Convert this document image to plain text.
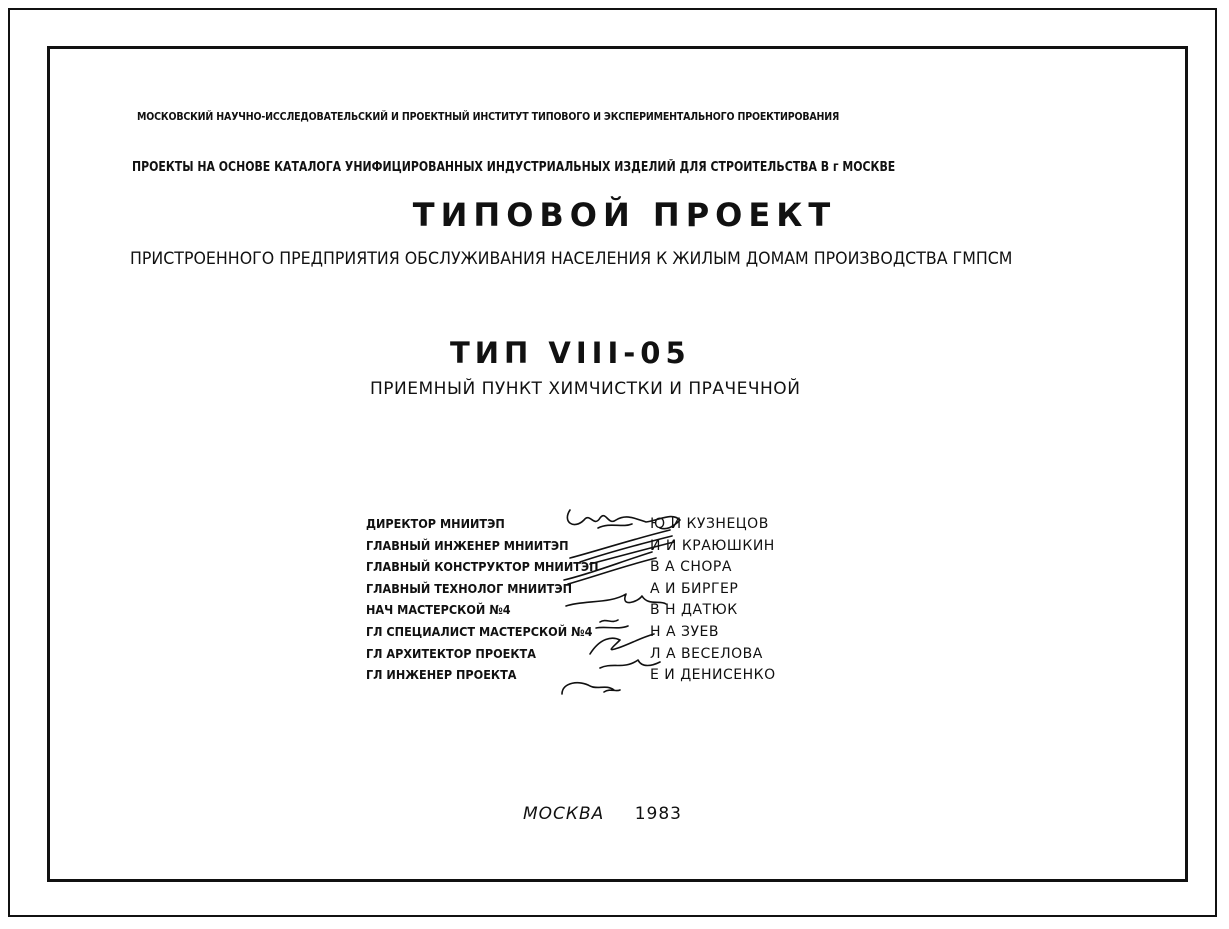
МОСКОВСКИЙ НАУЧНО-ИССЛЕДОВАТЕЛЬСКИЙ И ПРОЕКТНЫЙ ИНСТИТУТ ТИПОВОГО И ЭКСПЕРИМЕНТАЛЬНОГО ПРОЕКТИРОВАНИЯ
ПРОЕКТЫ НА ОСНОВЕ КАТАЛОГА УНИФИЦИРОВАННЫХ ИНДУСТРИАЛЬНЫХ ИЗДЕЛИЙ ДЛЯ СТРОИТЕЛЬСТВА В г МОСКВЕ
ТИПОВОЙ ПРОЕКТ
ПРИСТРОЕННОГО ПРЕДПРИЯТИЯ ОБСЛУЖИВАНИЯ НАСЕЛЕНИЯ К ЖИЛЫМ ДОМАМ ПРОИЗВОДСТВА ГМПСМ
ТИП VIII-05
ПРИЕМНЫЙ ПУНКТ ХИМЧИСТКИ И ПРАЧЕЧНОЙ
ДИРЕКТОР МНИИТЭП	Ю И КУЗНЕЦОВ
ГЛАВНЫЙ ИНЖЕНЕР МНИИТЭП	И И КРАЮШКИН
ГЛАВНЫЙ КОНСТРУКТОР МНИИТЭП	В А СНОРА
ГЛАВНЫЙ ТЕХНОЛОГ МНИИТЭП	А И БИРГЕР
НАЧ МАСТЕРСКОЙ №4	В Н ДАТЮК
ГЛ СПЕЦИАЛИСТ МАСТЕРСКОЙ №4	Н А ЗУЕВ
ГЛ АРХИТЕКТОР ПРОЕКТА	Л А ВЕСЕЛОВА
ГЛ ИНЖЕНЕР ПРОЕКТА	Е И ДЕНИСЕНКО
МОСКВА 1983
